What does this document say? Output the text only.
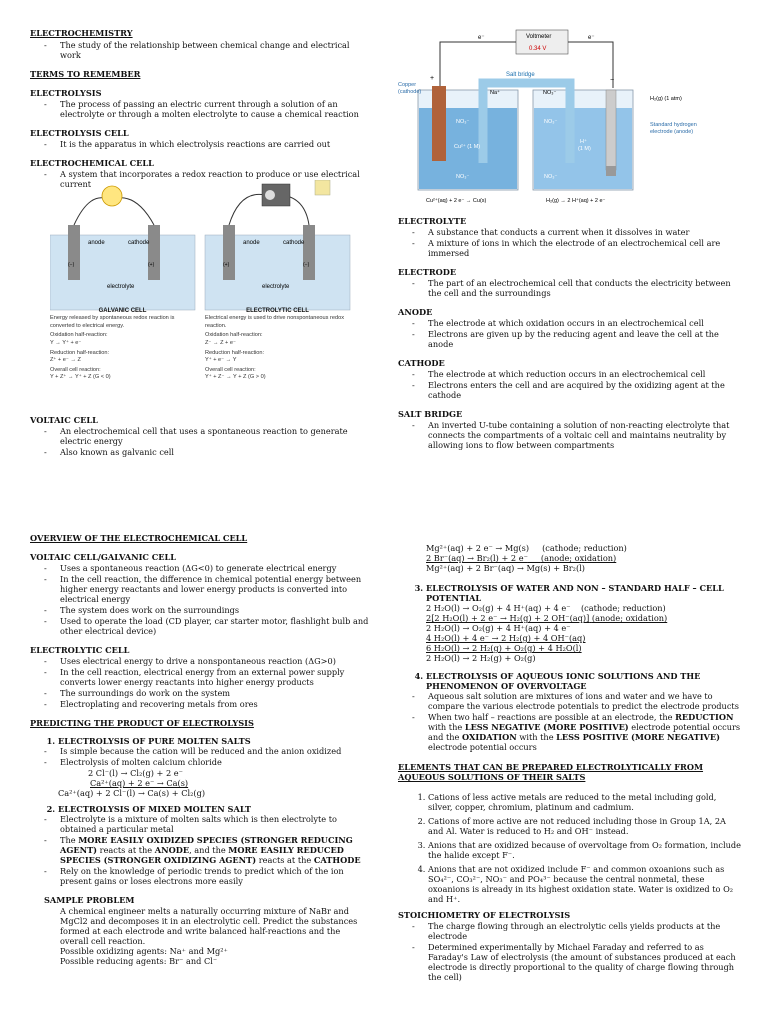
ELECTROCHEMISTRY
- The study of the relationship between chemical change and electrical work
TERMS TO REMEMBER
ELECTROLYSIS
- The process of passing an electric current through a solution of an electrolyte or through a molten electrolyte to cause a chemical reaction
ELECTROLYSIS CELL
- It is the apparatus in which electrolysis reactions are carried out
ELECTROCHEMICAL CELL
- A system that incorporates a redox reaction to produce or use electrical current
anode	cathode
electrolyte
(−)	(+)
anode	cathode
electrolyte
(+)	(−)
GALVANIC CELL
Energy released by spontaneous redox reaction is converted to electrical energy.
Oxidation half-reaction:
Y → Y⁺ + e⁻
Reduction half-reaction:
Z⁺ + e⁻ → Z
Overall cell reaction:
Y + Z⁺ → Y⁺ + Z (G < 0)
ELECTROLYTIC CELL
Electrical energy is used to drive nonspontaneous redox reaction.
Oxidation half-reaction:
Z⁻ → Z + e⁻
Reduction half-reaction:
Y⁺ + e⁻ → Y
Overall cell reaction:
Y⁺ + Z⁻ → Y + Z (G > 0)
VOLTAIC CELL
- An electrochemical cell that uses a spontaneous reaction to generate electric energy
- Also known as galvanic cell
Voltmeter
0.34 V
e⁻	e⁻
Salt bridge
Na⁺	NO₃⁻
Copper
(cathode)
+	−
H₂(g) (1 atm)
Standard hydrogen
electrode (anode)
NO₃⁻
Cu²⁺ (1 M)
NO₃⁻
NO₃⁻
H⁺
(1 M)
NO₃⁻
Cu²⁺(aq) + 2 e⁻ → Cu(s)	H₂(g) → 2 H⁺(aq) + 2 e⁻
ELECTROLYTE
- A substance that conducts a current when it dissolves in water
- A mixture of ions in which the electrode of an electrochemical cell are immersed
ELECTRODE
- The part of an electrochemical cell that conducts the electricity between the cell and the surroundings
ANODE
- The electrode at which oxidation occurs in an electrochemical cell
- Electrons are given up by the reducing agent and leave the cell at the anode
CATHODE
- The electrode at which reduction occurs in an electrochemical cell
- Electrons enters the cell and are acquired by the oxidizing agent at the cathode
SALT BRIDGE
- An inverted U-tube containing a solution of non-reacting electrolyte that connects the compartments of a voltaic cell and maintains neutrality by allowing ions to flow between compartments
OVERVIEW OF THE ELECTROCHEMICAL CELL
VOLTAIC CELL/GALVANIC CELL
- Uses a spontaneous reaction (ΔG<0) to generate electrical energy
- In the cell reaction, the difference in chemical potential energy between higher energy reactants and lower energy products is converted into electrical energy
- The system does work on the surroundings
- Used to operate the load (CD player, car starter motor, flashlight bulb and other electrical device)
ELECTROLYTIC CELL
- Uses electrical energy to drive a nonspontaneous reaction (ΔG>0)
- In the cell reaction, electrical energy from an external power supply converts lower energy reactants into higher energy products
- The surroundings do work on the system
- Electroplating and recovering metals from ores
PREDICTING THE PRODUCT OF ELECTROLYSIS
1. ELECTROLYSIS OF PURE MOLTEN SALTS
- Is simple because the cation will be reduced and the anion oxidized
- Electrolysis of molten calcium chloride
2 Cl⁻(l) → Cl₂(g) + 2 e⁻
Ca²⁺(aq) + 2 e⁻ → Ca(s)
Ca²⁺(aq) + 2 Cl⁻(l) → Ca(s) + Cl₂(g)
2. ELECTROLYSIS OF MIXED MOLTEN SALT
- Electrolyte is a mixture of molten salts which is then electrolyte to obtained a particular metal
- The MORE EASILY OXIDIZED SPECIES (STRONGER REDUCING AGENT) reacts at the ANODE, and the MORE EASILY REDUCED SPECIES (STRONGER OXIDIZING AGENT) reacts at the CATHODE
- Rely on the knowledge of periodic trends to predict which of the ion present gains or loses electrons more easily
SAMPLE PROBLEM
A chemical engineer melts a naturally occurring mixture of NaBr and MgCl2 and decomposes it in an electrolytic cell. Predict the substances formed at each electrode and write balanced half-reactions and the overall cell reaction.
Possible oxidizing agents: Na⁺ and Mg²⁺
Possible reducing agents: Br⁻ and Cl⁻
Mg²⁺(aq) + 2 e⁻ → Mg(s) (cathode; reduction)
2 Br⁻(aq) → Br₂(l) + 2 e⁻ (anode; oxidation)
Mg²⁺(aq) + 2 Br⁻(aq) → Mg(s) + Br₂(l)
3. ELECTROLYSIS OF WATER AND NON – STANDARD HALF – CELL POTENTIAL
2 H₂O(l) → O₂(g) + 4 H⁺(aq) + 4 e⁻ (cathode; reduction)
2[2 H₂O(l) + 2 e⁻ → H₂(g) + 2 OH⁻(aq)] (anode; oxidation)
2 H₂O(l) → O₂(g) + 4 H⁺(aq) + 4 e⁻
4 H₂O(l) + 4 e⁻ → 2 H₂(g) + 4 OH⁻(aq)
6 H₂O(l) → 2 H₂(g) + O₂(g) + 4 H₂O(l)
2 H₂O(l) → 2 H₂(g) + O₂(g)
4. ELECTROLYSIS OF AQUEOUS IONIC SOLUTIONS AND THE PHENOMENON OF OVERVOLTAGE
- Aqueous salt solution are mixtures of ions and water and we have to compare the various electrode potentials to predict the electrode products
- When two half – reactions are possible at an electrode, the REDUCTION with the LESS NEGATIVE (MORE POSITIVE) electrode potential occurs and the OXIDATION with the LESS POSITIVE (MORE NEGATIVE) electrode potential occurs
ELEMENTS THAT CAN BE PREPARED ELECTROLYTICALLY FROM AQUEOUS SOLUTIONS OF THEIR SALTS
1. Cations of less active metals are reduced to the metal including gold, silver, copper, chromium, platinum and cadmium.
2. Cations of more active are not reduced including those in Group 1A, 2A and Al. Water is reduced to H₂ and OH⁻ instead.
3. Anions that are oxidized because of overvoltage from O₂ formation, include the halide except F⁻.
4. Anions that are not oxidized include F⁻ and common oxoanions such as SO₄²⁻, CO₃²⁻, NO₃⁻ and PO₄³⁻ because the central nonmetal, these oxoanions is already in its highest oxidation state. Water is oxidized to O₂ and H⁺.
STOICHIOMETRY OF ELECTROLYSIS
- The charge flowing through an electrolytic cells yields products at the electrode
- Determined experimentally by Michael Faraday and referred to as Faraday's Law of electrolysis (the amount of substances produced at each electrode is directly proportional to the quality of charge flowing through the cell)
